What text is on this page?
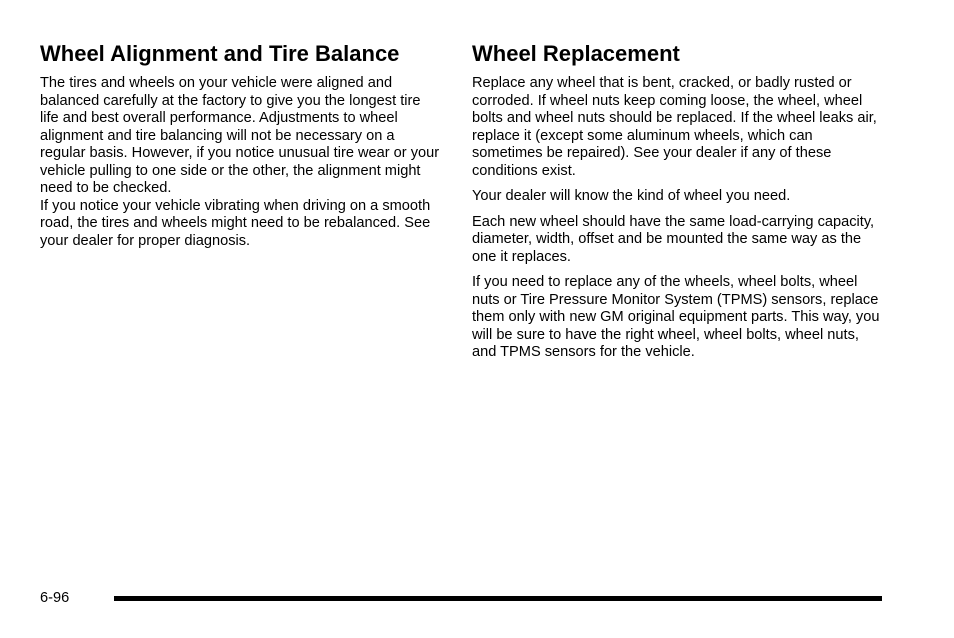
Wheel Alignment and Tire Balance

The tires and wheels on your vehicle were aligned and balanced carefully at the factory to give you the longest tire life and best overall performance. Adjustments to wheel alignment and tire balancing will not be necessary on a regular basis. However, if you notice unusual tire wear or your vehicle pulling to one side or the other, the alignment might need to be checked.

If you notice your vehicle vibrating when driving on a smooth road, the tires and wheels might need to be rebalanced. See your dealer for proper diagnosis.

Wheel Replacement

Replace any wheel that is bent, cracked, or badly rusted or corroded. If wheel nuts keep coming loose, the wheel, wheel bolts and wheel nuts should be replaced. If the wheel leaks air, replace it (except some aluminum wheels, which can sometimes be repaired). See your dealer if any of these conditions exist.

Your dealer will know the kind of wheel you need.

Each new wheel should have the same load-carrying capacity, diameter, width, offset and be mounted the same way as the one it replaces.

If you need to replace any of the wheels, wheel bolts, wheel nuts or Tire Pressure Monitor System (TPMS) sensors, replace them only with new GM original equipment parts. This way, you will be sure to have the right wheel, wheel bolts, wheel nuts, and TPMS sensors for the vehicle.

6-96
